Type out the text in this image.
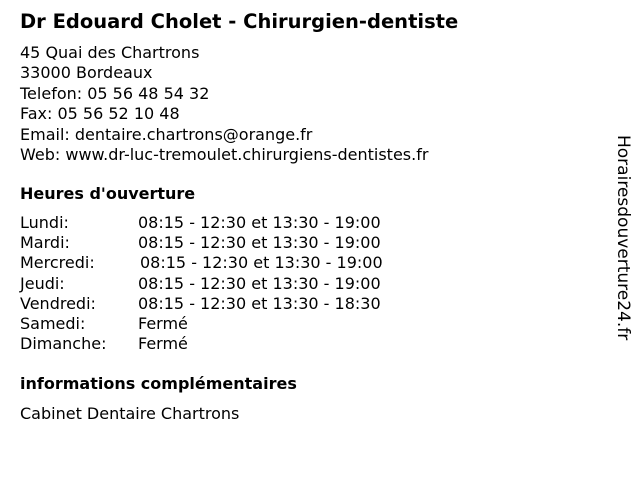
Dr Edouard Cholet - Chirurgien-dentiste
45 Quai des Chartrons
33000 Bordeaux
Telefon: 05 56 48 54 32
Fax: 05 56 52 10 48
Email: dentaire.chartrons@orange.fr
Web: www.dr-luc-tremoulet.chirurgiens-dentistes.fr
Heures d'ouverture
Lundi:	08:15 - 12:30 et 13:30 - 19:00
Mardi:	08:15 - 12:30 et 13:30 - 19:00
Mercredi:	08:15 - 12:30 et 13:30 - 19:00
Jeudi:	08:15 - 12:30 et 13:30 - 19:00
Vendredi:	08:15 - 12:30 et 13:30 - 18:30
Samedi:	Fermé
Dimanche: Fermé
informations complémentaires
Cabinet Dentaire Chartrons
Horairesdouverture24.fr
